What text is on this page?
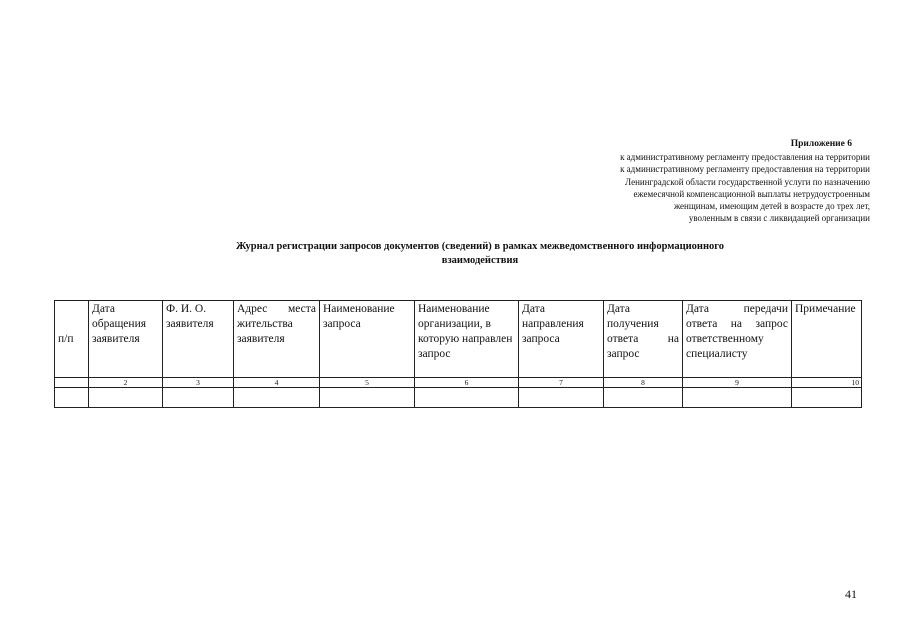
Приложение 6
к административному регламенту предоставления на территории
к административному регламенту предоставления на территории
Ленинградской области государственной услуги по назначению
ежемесячной компенсационной выплаты нетрудоустроенным
женщинам, имеющим детей в возрасте до трех лет,
уволенным в связи с ликвидацией организации
Журнал регистрации запросов документов (сведений) в рамках межведомственного информационного
взаимодействия
п/п	Дата обращения заявителя	Ф. И. О. заявителя	Адрес места жительства заявителя	Наименование запроса	Наименование организации, в которую направлен запрос	Дата направления запроса	Дата получения ответа на запрос	Дата передачи ответа на запрос ответственному специалисту	Примечание
	2	3	4	5	6	7	8	9	10

41
